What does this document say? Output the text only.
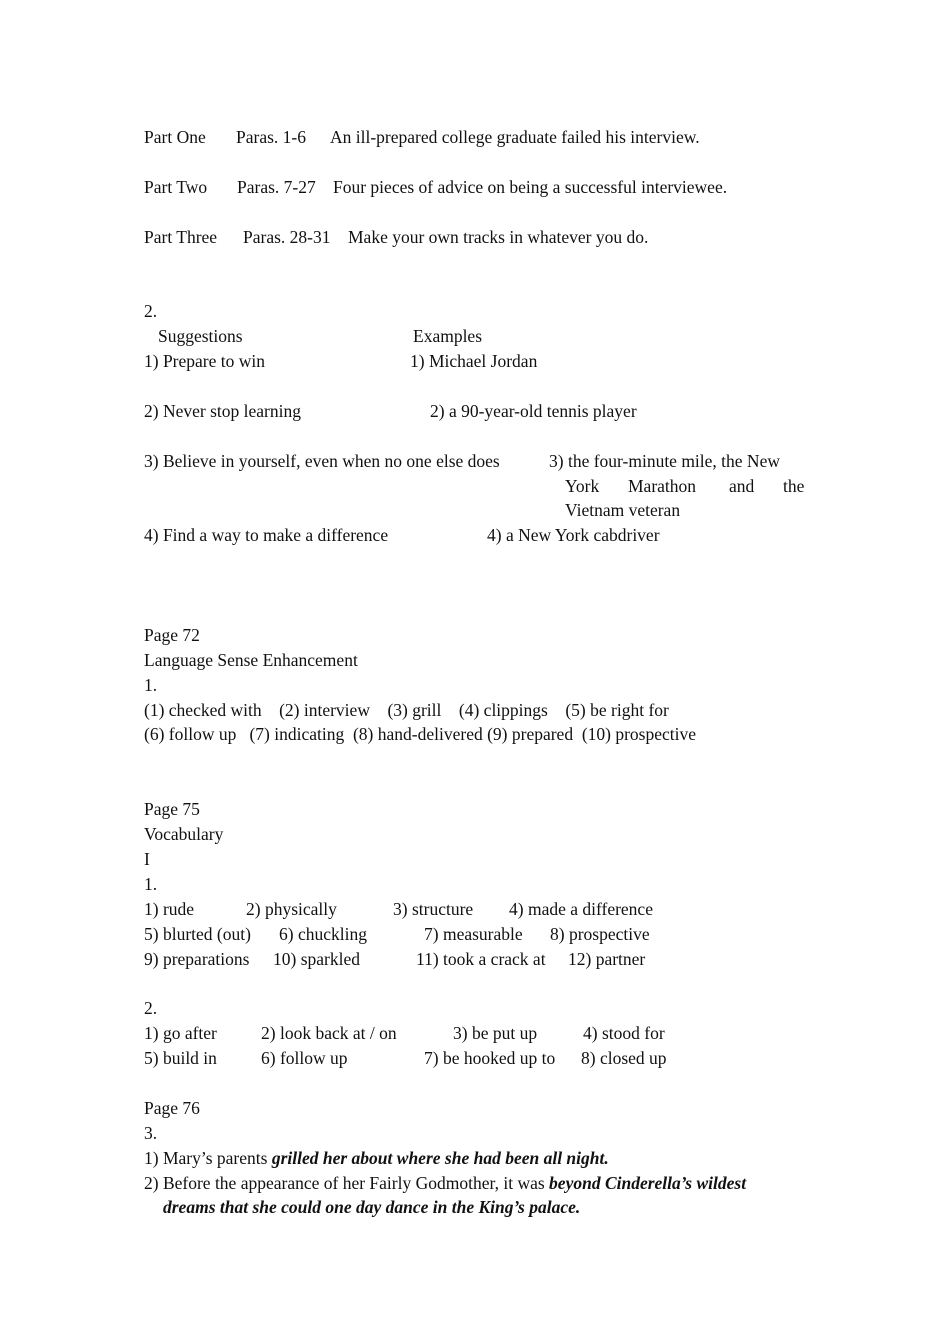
Part One Paras. 1-6 An ill-prepared college graduate failed his interview.
Part Two Paras. 7-27 Four pieces of advice on being a successful interviewee.
Part Three Paras. 28-31 Make your own tracks in whatever you do.
2.
Suggestions	Examples
1) Prepare to win	1) Michael Jordan
2) Never stop learning	2) a 90-year-old tennis player
3) Believe in yourself, even when no one else does	3) the four-minute mile, the New
York Marathon and the
Vietnam veteran
4) Find a way to make a difference	4) a New York cabdriver
Page 72
Language Sense Enhancement
1.
(1) checked with    (2) interview    (3) grill    (4) clippings    (5) be right for
(6) follow up   (7) indicating  (8) hand-delivered (9) prepared  (10) prospective
Page 75
Vocabulary
I
1.
1) rude	2) physically	3) structure 4) made a difference
5) blurted (out) 6) chuckling	7) measurable 8) prospective
9) preparations 10) sparkled	11) took a crack at 12) partner
2.
1) go after	2) look back at / on	3) be put up	4) stood for
5) build in	6) follow up	7) be hooked up to 8) closed up
Page 76
3.
1) Mary’s parents grilled her about where she had been all night.
2) Before the appearance of her Fairly Godmother, it was beyond Cinderella’s wildest
dreams that she could one day dance in the King’s palace.
